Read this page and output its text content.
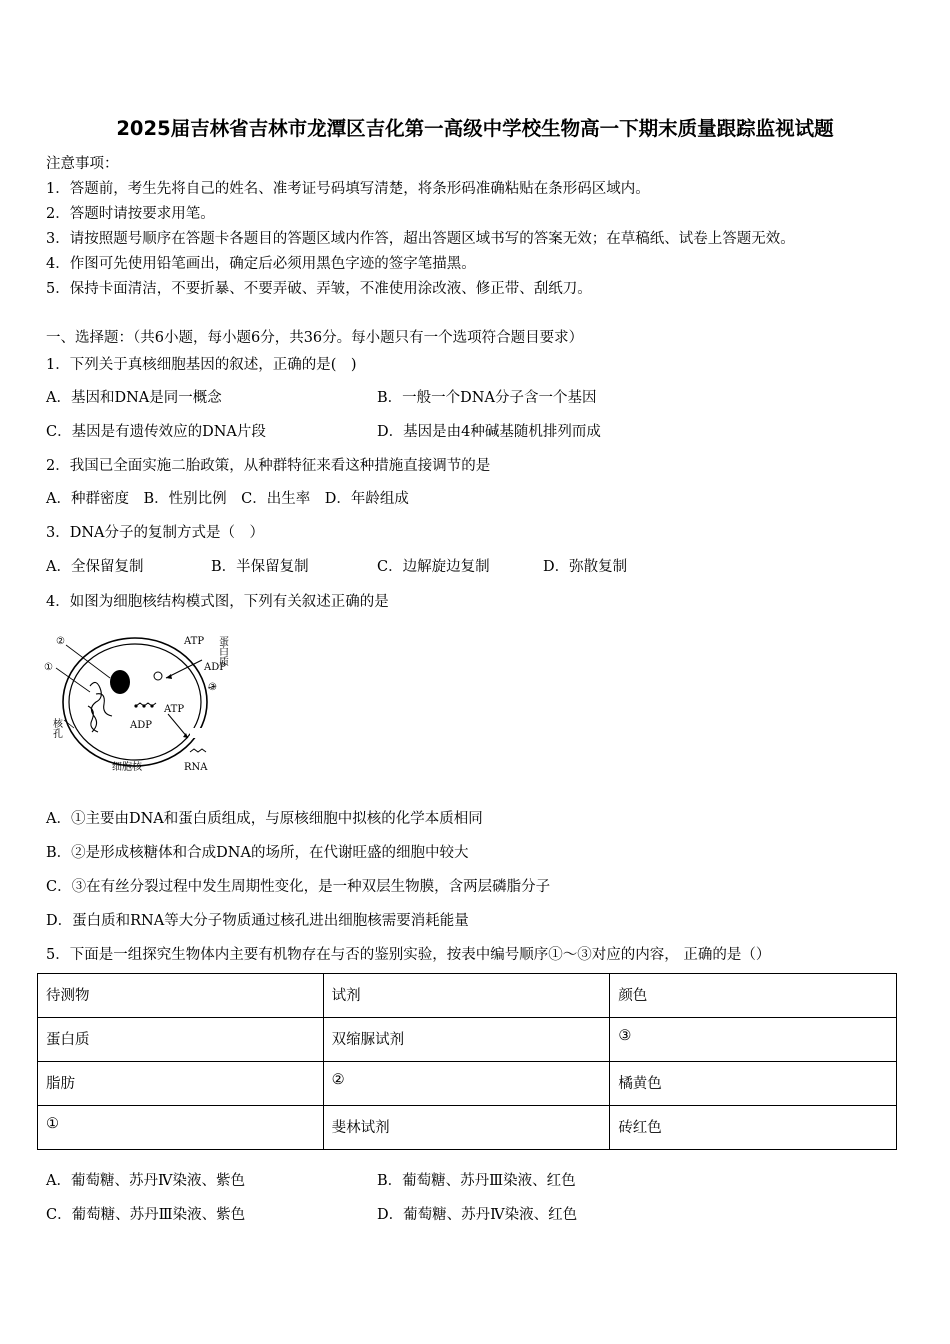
2025届吉林省吉林市龙潭区吉化第一高级中学校生物高一下期末质量跟踪监视试题
注意事项：
1．答题前，考生先将自己的姓名、准考证号码填写清楚，将条形码准确粘贴在条形码区域内。
2．答题时请按要求用笔。
3．请按照题号顺序在答题卡各题目的答题区域内作答，超出答题区域书写的答案无效；在草稿纸、试卷上答题无效。
4．作图可先使用铅笔画出，确定后必须用黑色字迹的签字笔描黑。
5．保持卡面清洁，不要折暴、不要弄破、弄皱，不准使用涂改液、修正带、刮纸刀。
一、选择题：（共6小题，每小题6分，共36分。每小题只有一个选项符合题目要求）
1．下列关于真核细胞基因的叙述，正确的是(　)
A．基因和DNA是同一概念	B．一般一个DNA分子含一个基因
C．基因是有遗传效应的DNA片段	D．基因是由4种碱基随机排列而成
2．我国已全面实施二胎政策，从种群特征来看这种措施直接调节的是
A．种群密度　B．性别比例　C．出生率　D．年龄组成
3．DNA分子的复制方式是（　）
A．全保留复制	B．半保留复制	C．边解旋边复制	D．弥散复制
4．如图为细胞核结构模式图，下列有关叙述正确的是
②
①
③
ATP
ADP
蛋白质
ATP
ADP
RNA
核孔
细胞核
A．①主要由DNA和蛋白质组成，与原核细胞中拟核的化学本质相同
B．②是形成核糖体和合成DNA的场所，在代谢旺盛的细胞中较大
C．③在有丝分裂过程中发生周期性变化，是一种双层生物膜，含两层磷脂分子
D．蛋白质和RNA等大分子物质通过核孔进出细胞核需要消耗能量
5．下面是一组探究生物体内主要有机物存在与否的鉴别实验，按表中编号顺序①～③对应的内容， 正确的是（）
待测物	试剂	颜色
蛋白质	双缩脲试剂	③
脂肪	②	橘黄色
①	斐林试剂	砖红色
A．葡萄糖、苏丹Ⅳ染液、紫色	B．葡萄糖、苏丹Ⅲ染液、红色
C．葡萄糖、苏丹Ⅲ染液、紫色	D．葡萄糖、苏丹Ⅳ染液、红色
